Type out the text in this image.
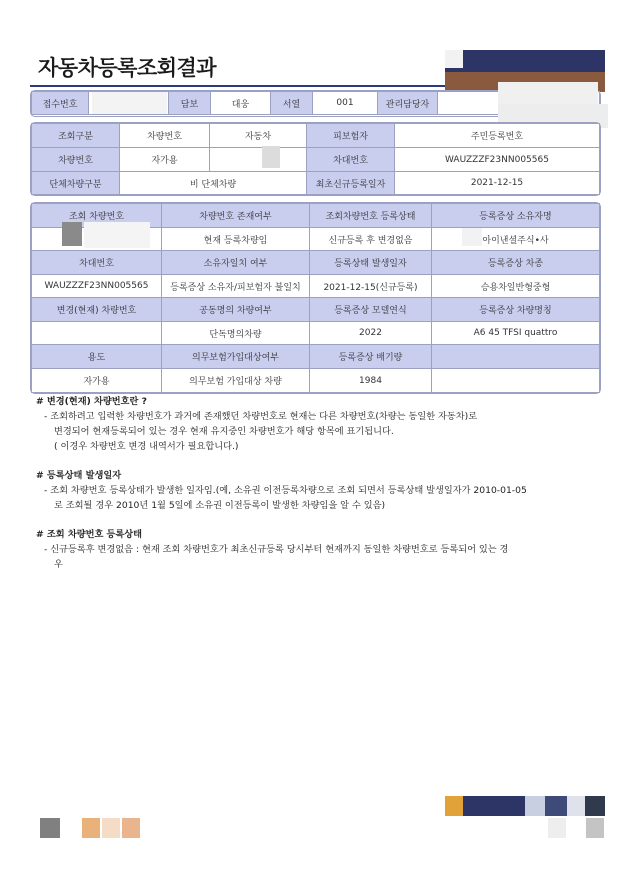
자동차등록조회결과
접수번호		담보	대웅	서열	001	관리담당자	
조회구분	차량번호	자동차	피보험자	주민등록번호
차량번호	자가용		차대번호	WAUZZZF23NN005565
단체차량구분	비 단체차량		최초신규등록일자	2021-12-15
조회 차량번호	차량번호 존재여부	조회차량번호 등록상태	등록증상 소유자명
	현재 등록차량임	신규등록 후 변경없음	아이낸셜주식•사
차대번호	소유자일치 여부	등록상태 발생일자	등록증상 차종
WAUZZZF23NN005565	등록증상 소유자/피보험자 불일치	2021-12-15(신규등록)	승용차일반형중형
변경(현재) 차량번호	공동명의 차량여부	등록증상 모델연식	등록증상 차량명칭
	단독명의차량	2022	A6 45 TFSI quattro
용도	의무보험가입대상여부	등록증상 배기량	
자가용	의무보험 가입대상 차량	1984	
# 변경(현재) 차량번호란 ?
- 조회하려고 입력한 차량번호가 과거에 존재했던 차량번호로 현재는 다른 차량번호(차량는 동일한 자동차)로
변경되어 현재등록되어 있는 경우 현재 유지중인 차량번호가 해당 항목에 표기됩니다.
( 이경우 차량번호 변경 내역서가 필요합니다.)
# 등록상태 발생일자
- 조회 차량번호 등록상태가 발생한 일자임.(예, 소유권 이전등록차량으로 조회 되면서 등록상태 발생일자가 2010-01-05
로 조회될 경우 2010년 1월 5일에 소유권 이전등록이 발생한 차량임을 알 수 있음)
# 조회 차량번호 등록상태
- 신규등록후 변경없음 : 현재 조회 차량번호가 최초신규등록 당시부터 현재까지 동일한 차량번호로 등록되어 있는 경
우
